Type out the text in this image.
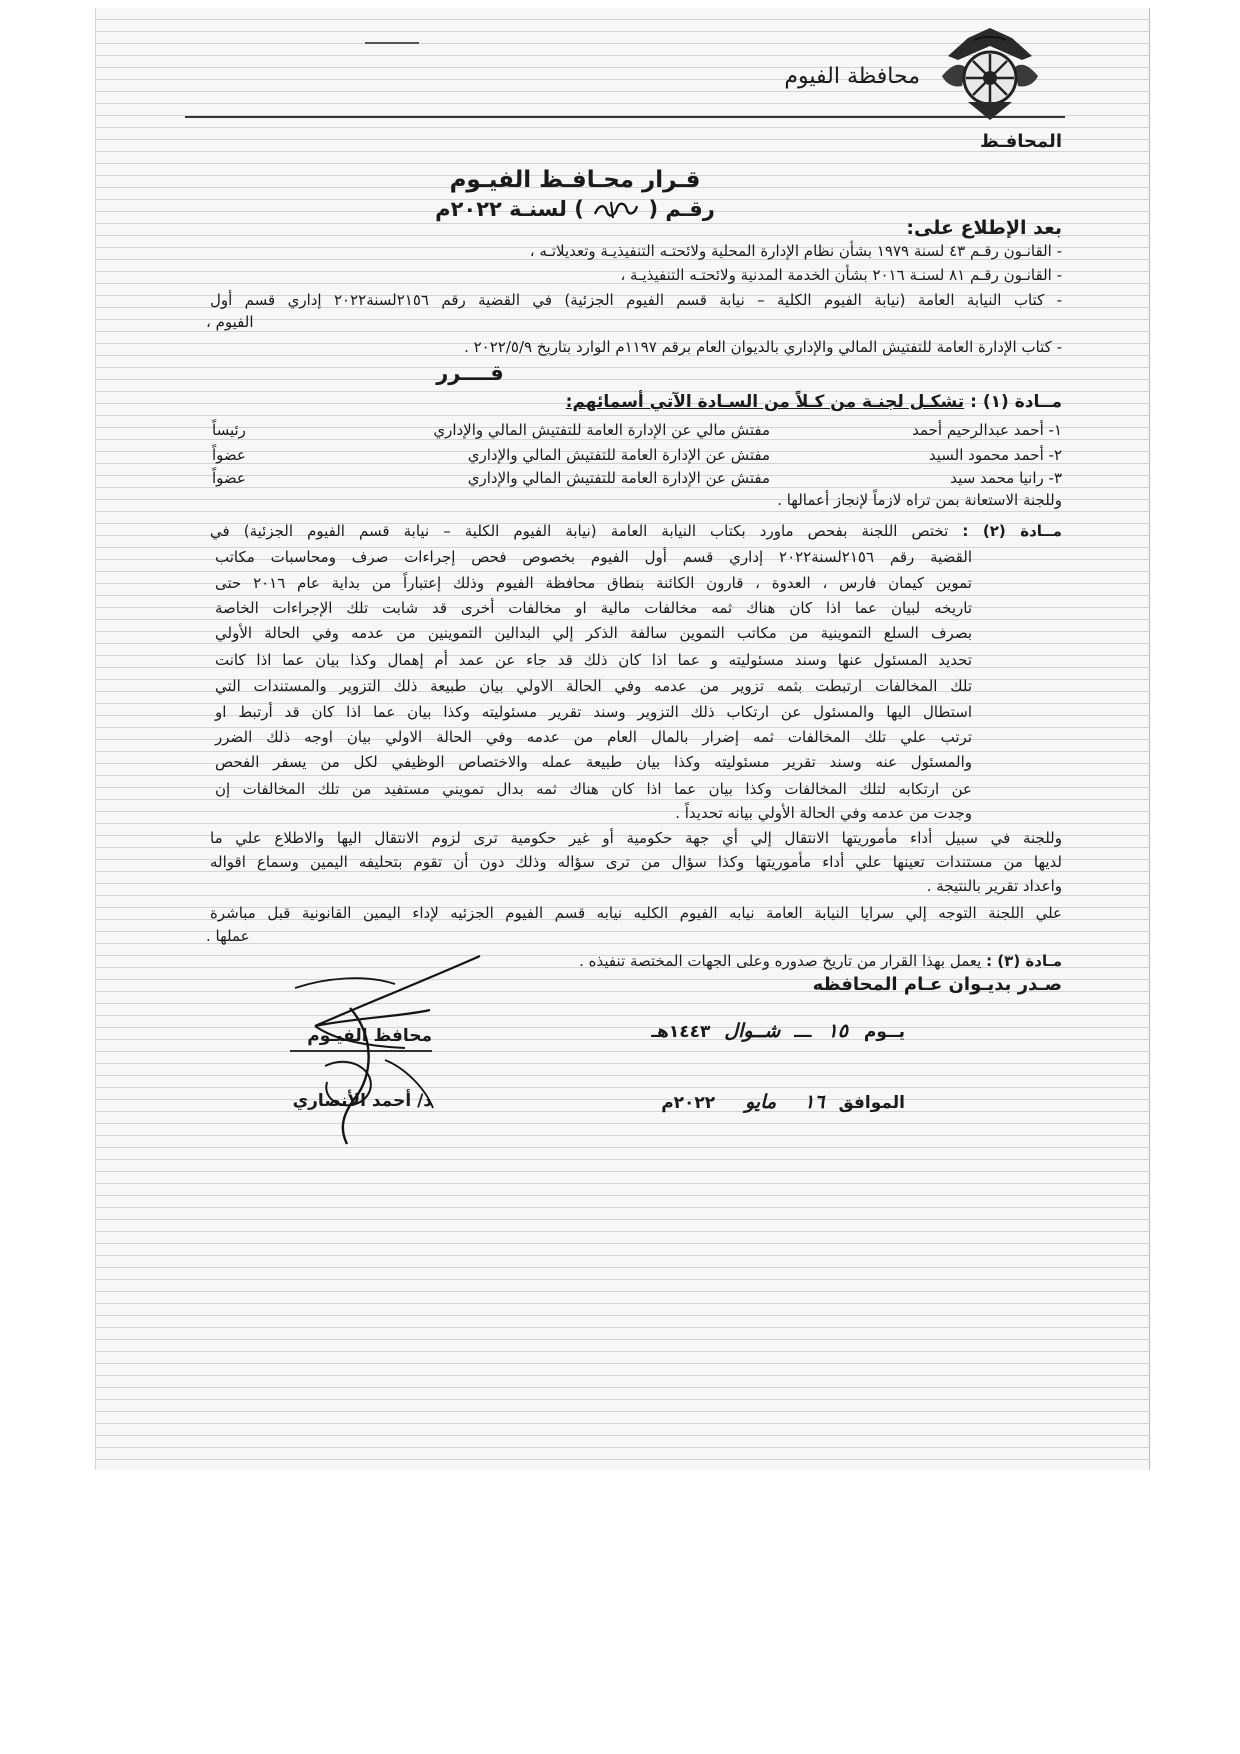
محافظة الفيوم
المحافـظ
قـرار محـافـظ الفيـوم
رقـم (  ) لسنـة ٢٠٢٢م
بعد الإطلاع على:
- القانـون رقـم ٤٣ لسنة ١٩٧٩ بشأن نظام الإدارة المحلية ولائحتـه التنفيذيـة وتعديلاتـه ،
- القانـون رقـم ٨١ لسنـة ٢٠١٦ بشأن الخدمة المدنية ولائحتـه التنفيذيـة ،
- كتاب النيابة العامة (نيابة الفيوم الكلية – نيابة قسم الفيوم الجزئية) في القضية رقم ٢١٥٦لسنة٢٠٢٢ إداري قسم أول
الفيوم ،
- كتاب الإدارة العامة للتفتيش المالي والإداري بالديوان العام برقم ١١٩٧م الوارد بتاريخ ٢٠٢٢/٥/٩ .
قــــرر
مــادة (١) : تشكـل لجنـة من كـلاً من السـادة الآتي أسمائهم:
١- أحمد عبدالرحيم أحمد
مفتش مالي عن الإدارة العامة للتفتيش المالي والإداري
رئيساً
٢- أحمد محمود السيد
مفتش عن الإدارة العامة للتفتيش المالي والإداري
عضواً
٣- رانيا محمد سيد
مفتش عن الإدارة العامة للتفتيش المالي والإداري
عضواً
وللجنة الاستعانة بمن تراه لازماً لإنجاز أعمالها .
مــادة (٢) : تختص اللجنة بفحص ماورد بكتاب النيابة العامة (نيابة الفيوم الكلية – نيابة قسم الفيوم الجزئية) في
القضية رقم ٢١٥٦لسنة٢٠٢٢ إداري قسم أول الفيوم بخصوص فحص إجراءات صرف ومحاسبات مكاتب
تموين كيمان فارس ، العدوة ، قارون الكائنة بنطاق محافظة الفيوم وذلك إعتباراً من بداية عام ٢٠١٦ حتى
تاريخه لبيان عما اذا كان هناك ثمه مخالفات مالية او مخالفات أخرى قد شابت تلك الإجراءات الخاصة
بصرف السلع التموينية من مكاتب التموين سالفة الذكر إلي البدالين التموينين من عدمه وفي الحالة الأولي
تحديد المسئول عنها وسند مسئوليته و عما اذا كان ذلك قد جاء عن عمد أم إهمال وكذا بيان عما اذا كانت
تلك المخالفات ارتبطت بثمه تزوير من عدمه وفي الحالة الاولي بيان طبيعة ذلك التزوير والمستندات التي
استطال اليها والمسئول عن ارتكاب ذلك التزوير وسند تقرير مسئوليته وكذا بيان عما اذا كان قد أرتبط او
ترتب علي تلك المخالفات ثمه إضرار بالمال العام من عدمه وفي الحالة الاولي بيان اوجه ذلك الضرر
والمسئول عنه وسند تقرير مسئوليته وكذا بيان طبيعة عمله والاختصاص الوظيفي لكل من يسفر الفحص
عن ارتكابه لتلك المخالفات وكذا بيان عما اذا كان هناك ثمه بدال تمويني مستفيد من تلك المخالفات إن
وجدت من عدمه وفي الحالة الأولي بيانه تحديداً .
وللجنة في سبيل أداء مأموريتها الانتقال إلي أي جهة حكومية أو غير حكومية ترى لزوم الانتقال اليها والاطلاع علي ما
لديها من مستندات تعينها علي أداء مأموريتها وكذا سؤال من ترى سؤاله وذلك دون أن تقوم بتحليفه اليمين وسماع اقواله
واعداد تقرير بالنتيجة .
علي اللجنة التوجه إلي سرايا النيابة العامة نيابه الفيوم الكليه نيابه قسم الفيوم الجزئيه لإداء اليمين القانونية قبل مباشرة
عملها .
مـادة (٣) : يعمل بهذا القرار من تاريخ صدوره وعلى الجهات المختصة تنفيذه .
صـدر بديـوان عـام المحافظه
يــوم ١٥ ـــ شــوال ١٤٤٣هـ
الموافق ١٦ مايو ٢٠٢٢م
محافظ الفيـوم
د/ أحمد الأنصاري
